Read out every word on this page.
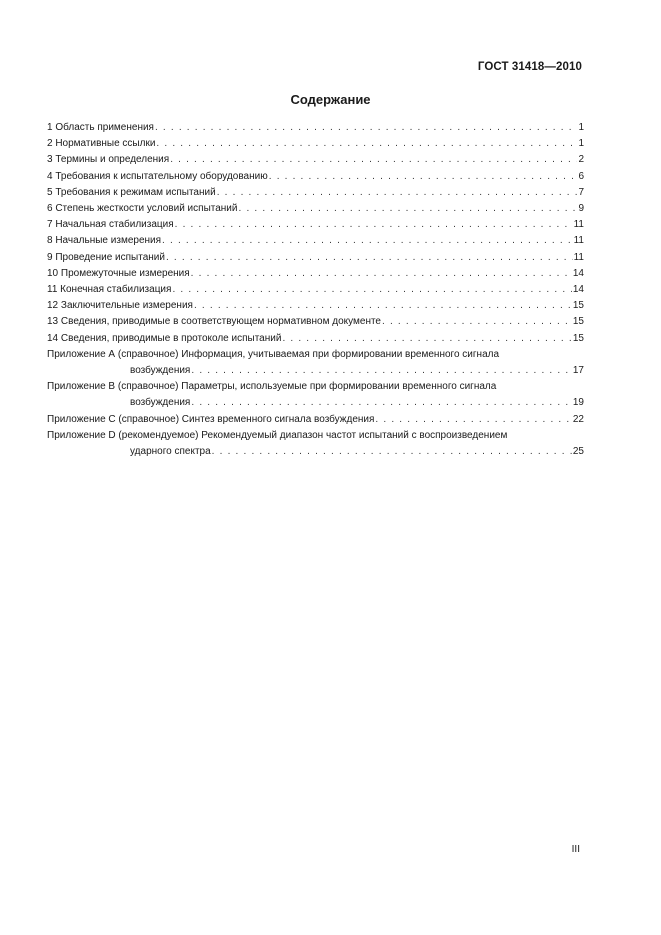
ГОСТ 31418—2010
Содержание
1 Область применения . . .	1
2 Нормативные ссылки . . .	1
3 Термины и определения . . .	2
4 Требования к испытательному оборудованию . . .	6
5 Требования к режимам испытаний . . .	7
6 Степень жесткости условий испытаний . . .	9
7 Начальная стабилизация . . .	11
8 Начальные измерения . . .	11
9 Проведение испытаний . . .	11
10 Промежуточные измерения . . .	14
11 Конечная стабилизация . . .	14
12 Заключительные измерения . . .	15
13 Сведения, приводимые в соответствующем нормативном документе . . .	15
14 Сведения, приводимые в протоколе испытаний . . .	15
Приложение А (справочное) Информация, учитываемая при формировании временного сигнала
возбуждения . . .	17
Приложение В (справочное) Параметры, используемые при формировании временного сигнала
возбуждения . . .	19
Приложение С (справочное) Синтез временного сигнала возбуждения . . .	22
Приложение D (рекомендуемое) Рекомендуемый диапазон частот испытаний с воспроизведением
ударного спектра . . .	25
III
